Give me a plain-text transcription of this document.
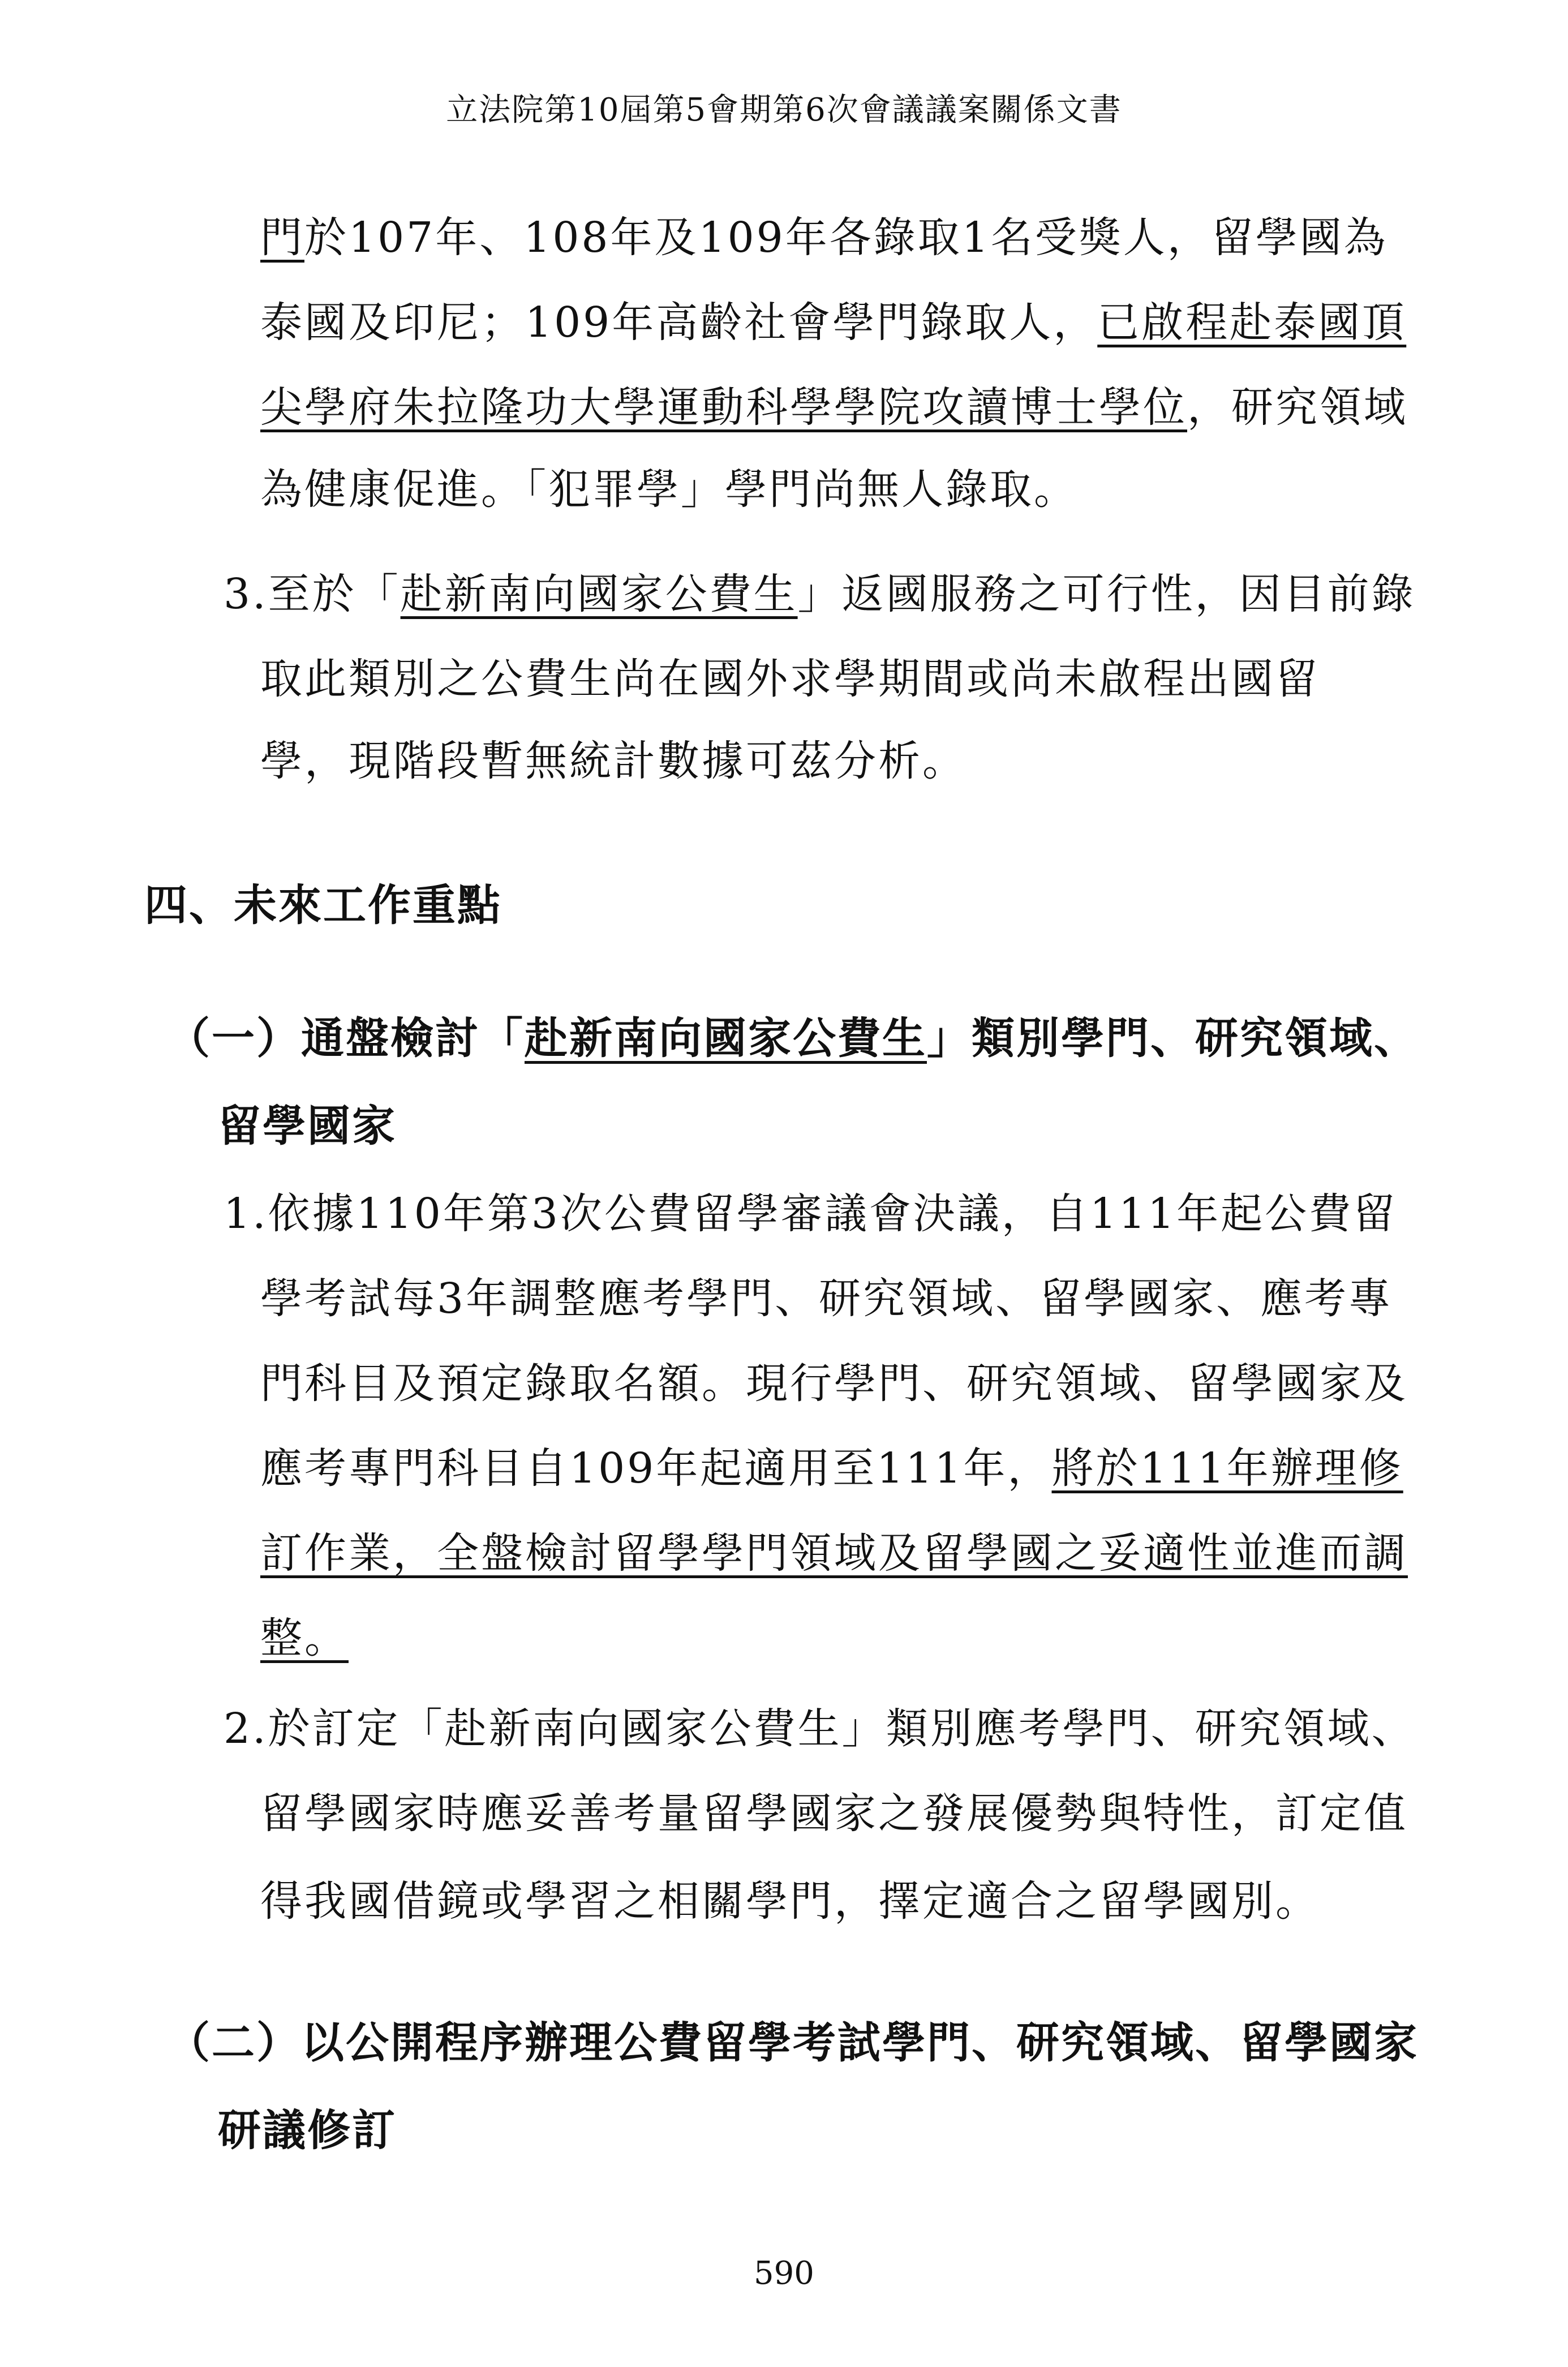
立法院第10屆第5會期第6次會議議案關係文書
門於107年、108年及109年各錄取1名受獎人，留學國為
泰國及印尼；109年高齡社會學門錄取人，已啟程赴泰國頂
尖學府朱拉隆功大學運動科學學院攻讀博士學位，研究領域
為健康促進。「犯罪學」學門尚無人錄取。
3.至於「赴新南向國家公費生」返國服務之可行性，因目前錄
取此類別之公費生尚在國外求學期間或尚未啟程出國留
學，現階段暫無統計數據可茲分析。
四、未來工作重點
（一）通盤檢討「赴新南向國家公費生」類別學門、研究領域、
留學國家
1.依據110年第3次公費留學審議會決議，自111年起公費留
學考試每3年調整應考學門、研究領域、留學國家、應考專
門科目及預定錄取名額。現行學門、研究領域、留學國家及
應考專門科目自109年起適用至111年，將於111年辦理修
訂作業，全盤檢討留學學門領域及留學國之妥適性並進而調
整。
2.於訂定「赴新南向國家公費生」類別應考學門、研究領域、
留學國家時應妥善考量留學國家之發展優勢與特性，訂定值
得我國借鏡或學習之相關學門，擇定適合之留學國別。
（二）以公開程序辦理公費留學考試學門、研究領域、留學國家
研議修訂
590
